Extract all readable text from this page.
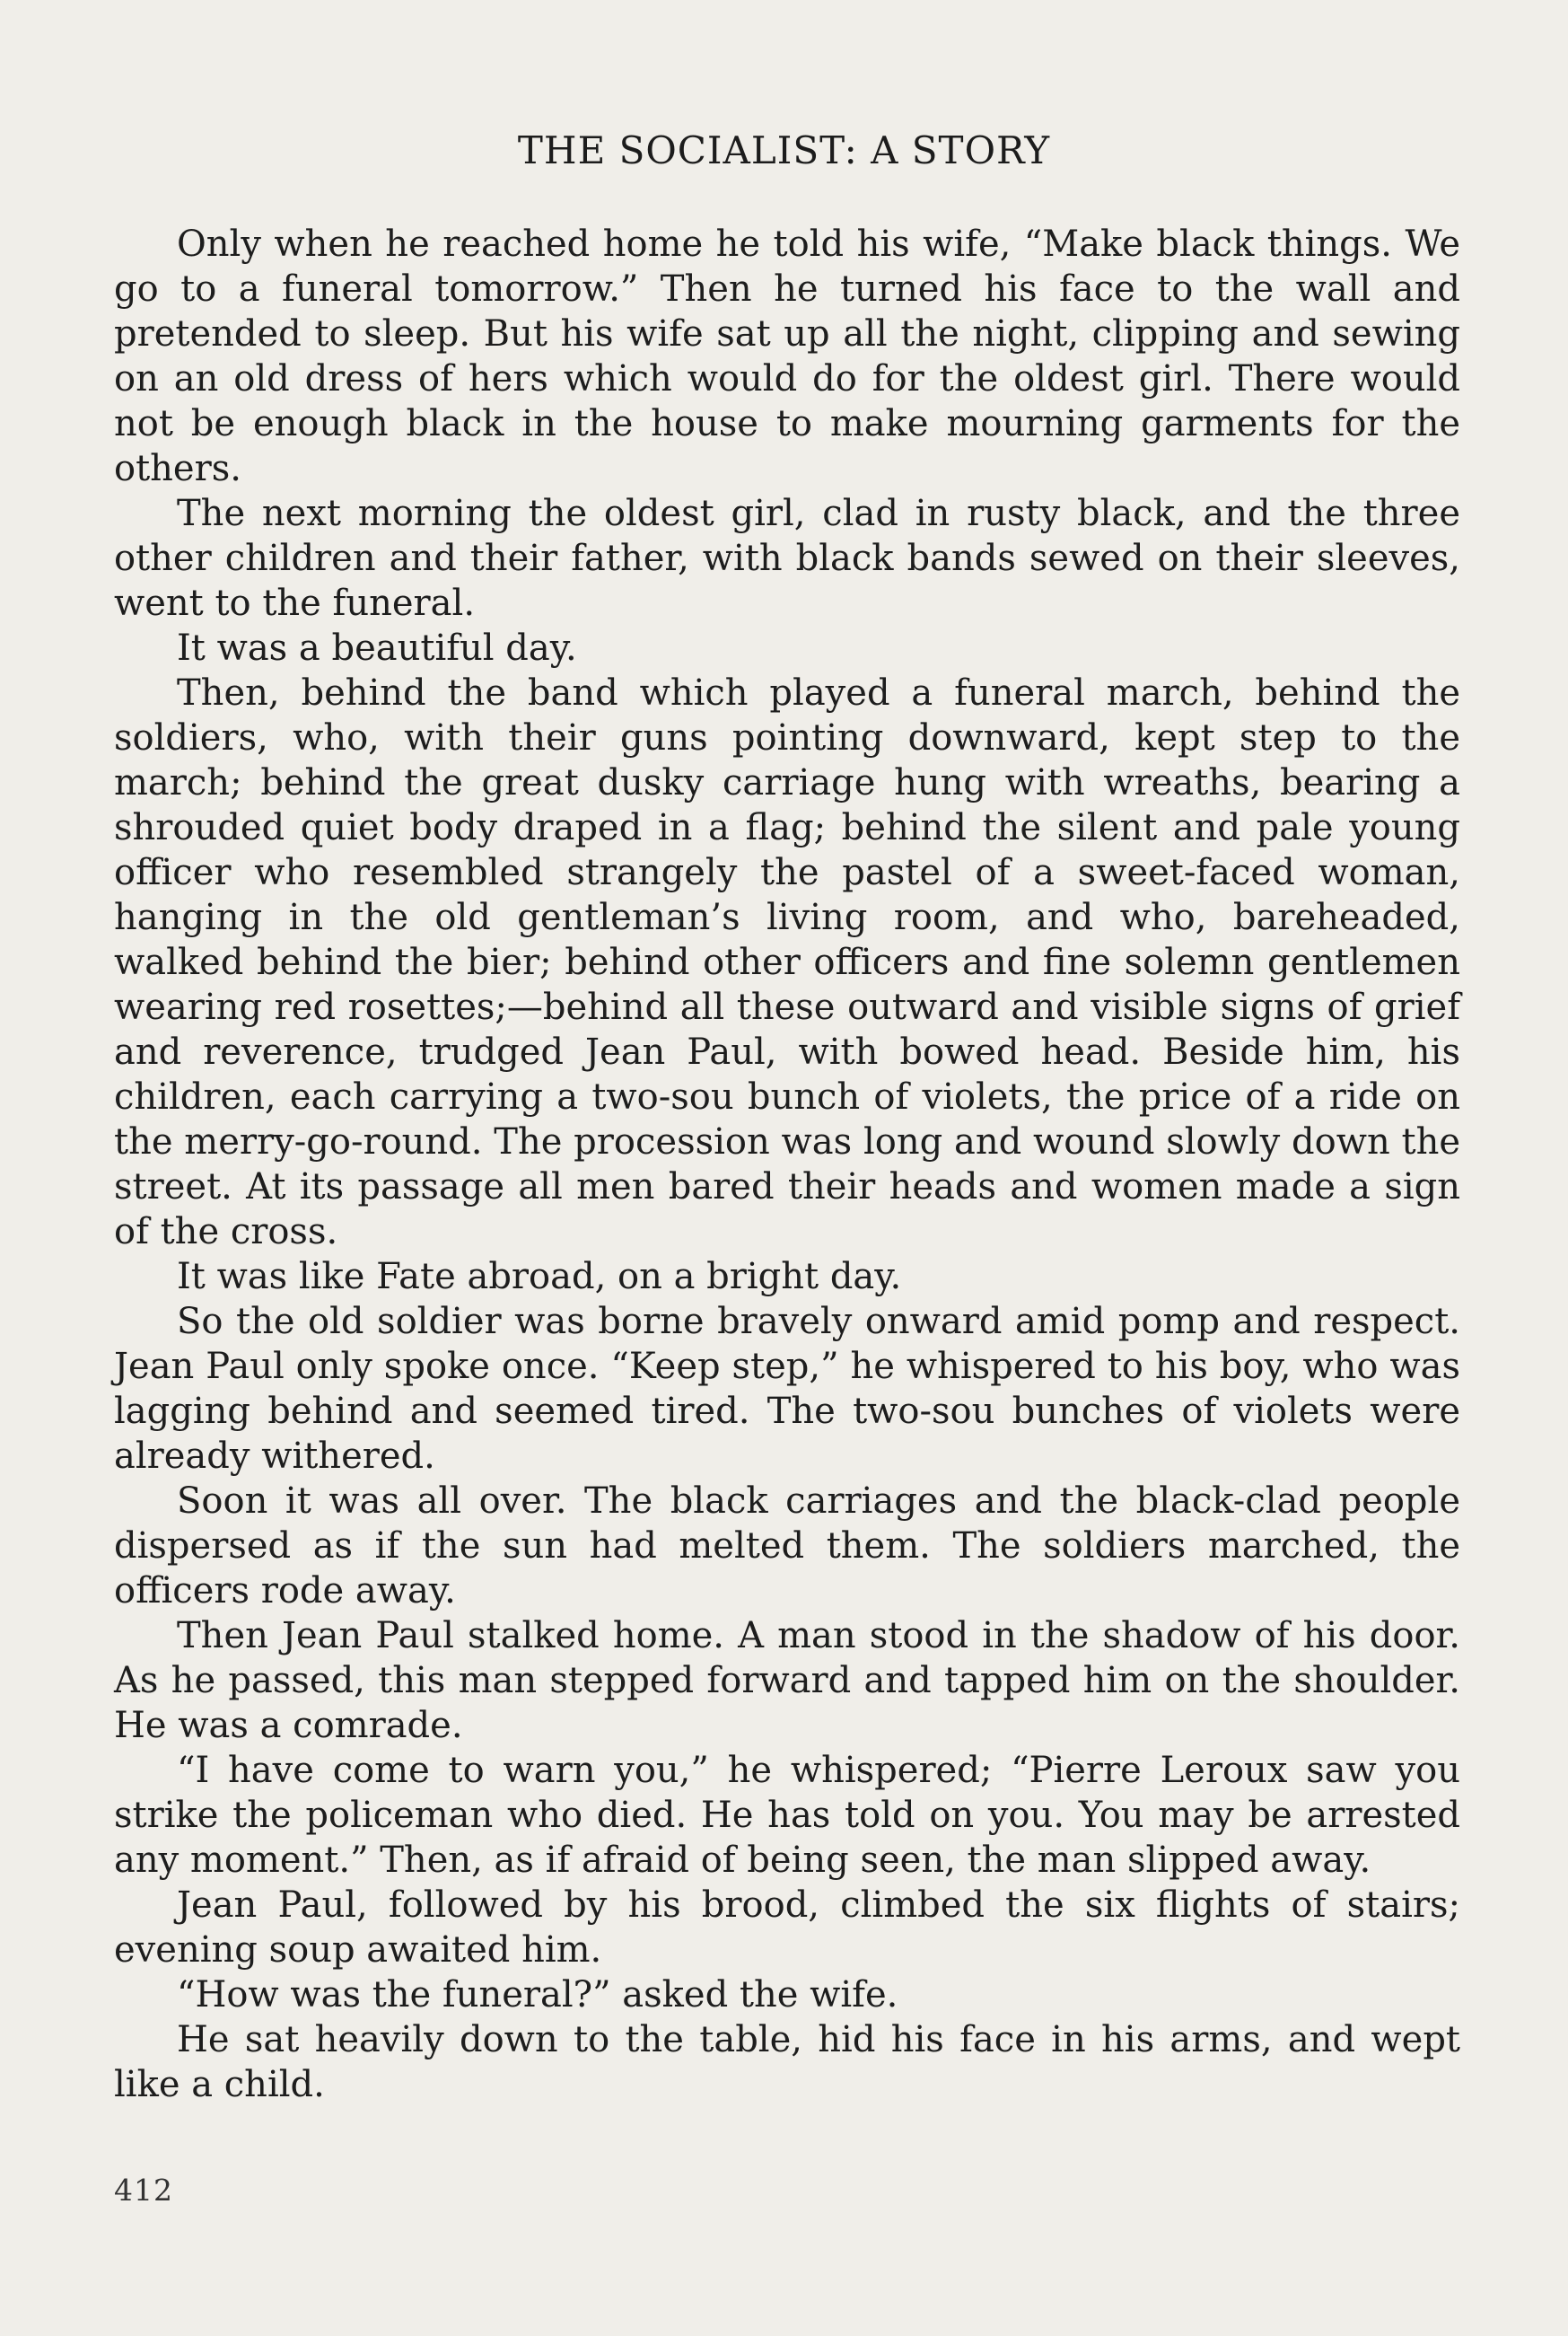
THE SOCIALIST: A STORY

Only when he reached home he told his wife, “Make black things. We go to a funeral tomorrow.” Then he turned his face to the wall and pretended to sleep. But his wife sat up all the night, clipping and sewing on an old dress of hers which would do for the oldest girl. There would not be enough black in the house to make mourning garments for the others.

The next morning the oldest girl, clad in rusty black, and the three other children and their father, with black bands sewed on their sleeves, went to the funeral.

It was a beautiful day.

Then, behind the band which played a funeral march, behind the soldiers, who, with their guns pointing downward, kept step to the march; behind the great dusky carriage hung with wreaths, bearing a shrouded quiet body draped in a flag; behind the silent and pale young officer who resembled strangely the pastel of a sweet-faced woman, hanging in the old gentleman’s living room, and who, bareheaded, walked behind the bier; behind other officers and fine solemn gentlemen wearing red rosettes;—behind all these outward and visible signs of grief and reverence, trudged Jean Paul, with bowed head. Beside him, his children, each carrying a two-sou bunch of violets, the price of a ride on the merry-go-round. The procession was long and wound slowly down the street. At its passage all men bared their heads and women made a sign of the cross.

It was like Fate abroad, on a bright day.

So the old soldier was borne bravely onward amid pomp and respect. Jean Paul only spoke once. “Keep step,” he whispered to his boy, who was lagging behind and seemed tired. The two-sou bunches of violets were already withered.

Soon it was all over. The black carriages and the black-clad people dispersed as if the sun had melted them. The soldiers marched, the officers rode away.

Then Jean Paul stalked home. A man stood in the shadow of his door. As he passed, this man stepped forward and tapped him on the shoulder. He was a comrade.

“I have come to warn you,” he whispered; “Pierre Leroux saw you strike the policeman who died. He has told on you. You may be arrested any moment.” Then, as if afraid of being seen, the man slipped away.

Jean Paul, followed by his brood, climbed the six flights of stairs; evening soup awaited him.

“How was the funeral?” asked the wife.

He sat heavily down to the table, hid his face in his arms, and wept like a child.

412
